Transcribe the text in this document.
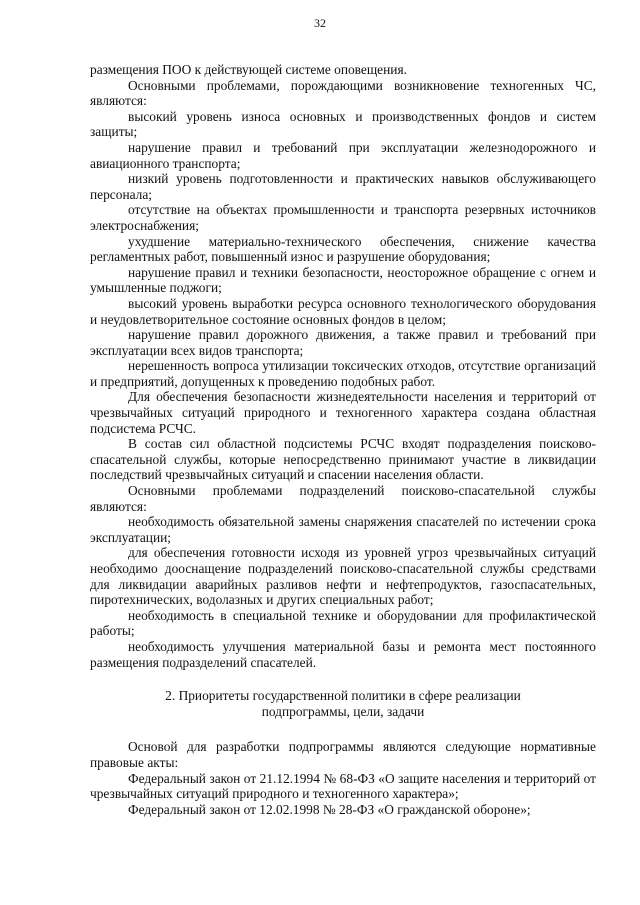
32

размещения ПОО к действующей системе оповещения.

Основными проблемами, порождающими возникновение техногенных ЧС, являются:

высокий уровень износа основных и производственных фондов и систем защиты;

нарушение правил и требований при эксплуатации железнодорожного и авиационного транспорта;

низкий уровень подготовленности и практических навыков обслуживающего персонала;

отсутствие на объектах промышленности и транспорта резервных источников электроснабжения;

ухудшение материально-технического обеспечения, снижение качества регламентных работ, повышенный износ и разрушение оборудования;

нарушение правил и техники безопасности, неосторожное обращение с огнем и умышленные поджоги;

высокий уровень выработки ресурса основного технологического оборудования и неудовлетворительное состояние основных фондов в целом;

нарушение правил дорожного движения, а также правил и требований при эксплуатации всех видов транспорта;

нерешенность вопроса утилизации токсических отходов, отсутствие организаций и предприятий, допущенных к проведению подобных работ.

Для обеспечения безопасности жизнедеятельности населения и территорий от чрезвычайных ситуаций природного и техногенного характера создана областная подсистема РСЧС.

В состав сил областной подсистемы РСЧС входят подразделения поисково-спасательной службы, которые непосредственно принимают участие в ликвидации последствий чрезвычайных ситуаций и спасении населения области.

Основными проблемами подразделений поисково-спасательной службы являются:

необходимость обязательной замены снаряжения спасателей по истечении срока эксплуатации;

для обеспечения готовности исходя из уровней угроз чрезвычайных ситуаций необходимо дооснащение подразделений поисково-спасательной службы средствами для ликвидации аварийных разливов нефти и нефтепродуктов, газоспасательных, пиротехнических, водолазных и других специальных работ;

необходимость в специальной технике и оборудовании для профилактической работы;

необходимость улучшения материальной базы и ремонта мест постоянного размещения подразделений спасателей.

2. Приоритеты государственной политики в сфере реализации
подпрограммы, цели, задачи

Основой для разработки подпрограммы являются следующие нормативные правовые акты:

Федеральный закон от 21.12.1994 № 68-ФЗ «О защите населения и территорий от чрезвычайных ситуаций природного и техногенного характера»;

Федеральный закон от 12.02.1998 № 28-ФЗ «О гражданской обороне»;
